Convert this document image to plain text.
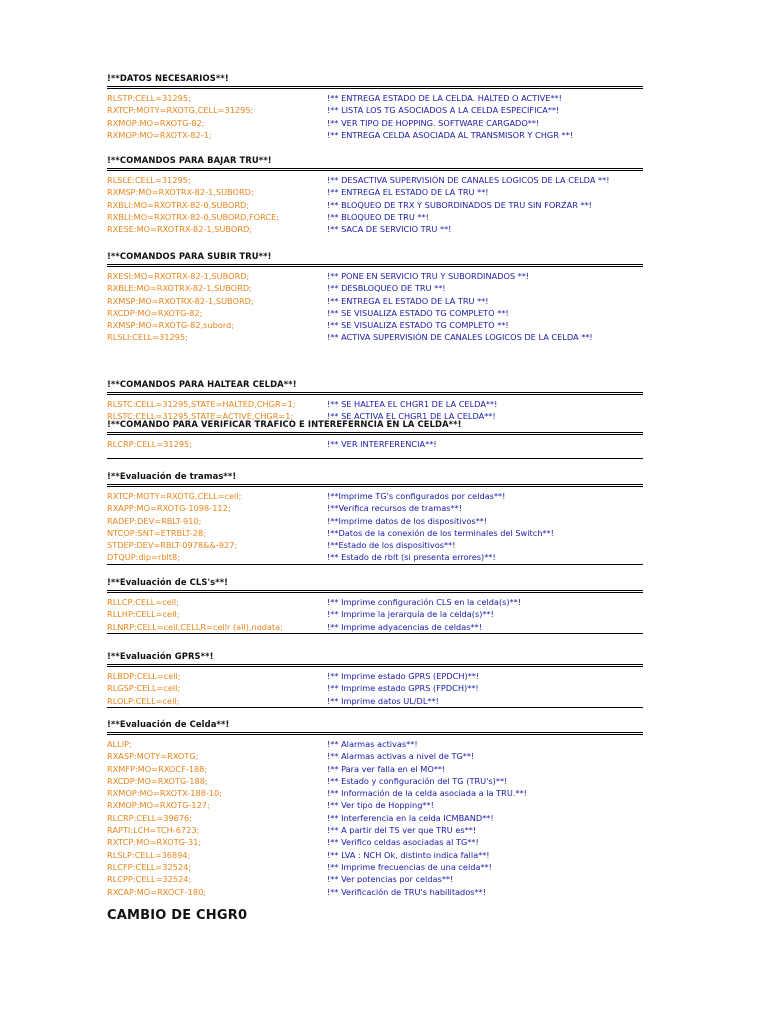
!**DATOS NECESARIOS**!
RLSTP:CELL=31295;	!** ENTREGA ESTADO DE LA CELDA. HALTED O ACTIVE**!
RXTCP:MOTY=RXOTG,CELL=31295;	!** LISTA LOS TG ASOCIADOS A LA CELDA ESPECIFICA**!
RXMOP:MO=RXOTG-82;	!** VER TIPO DE HOPPING. SOFTWARE CARGADO**!
RXMOP:MO=RXOTX-82-1;	!** ENTREGA CELDA ASOCIADA AL TRANSMISOR Y CHGR **!
!**COMANDOS PARA BAJAR TRU**!
RLSLE:CELL=31295;	!** DESACTIVA SUPERVISIÓN DE CANALES LOGICOS DE LA CELDA **!
RXMSP:MO=RXOTRX-82-1,SUBORD;	!** ENTREGA EL ESTADO DE LA TRU **!
RXBLI:MO=RXOTRX-82-0,SUBORD;	!** BLOQUEO DE TRX Y SUBORDINADOS DE TRU SIN FORZAR **!
RXBLI:MO=RXOTRX-82-0,SUBORD,FORCE;	!** BLOQUEO DE TRU **!
RXESE:MO=RXOTRX-82-1,SUBORD;	!** SACA DE SERVICIO TRU **!
!**COMANDOS PARA SUBIR TRU**!
RXESI:MO=RXOTRX-82-1,SUBORD;	!** PONE EN SERVICIO TRU Y SUBORDINADOS **!
RXBLE:MO=RXOTRX-82-1,SUBORD;	!** DESBLOQUEO DE TRU **!
RXMSP:MO=RXOTRX-82-1,SUBORD;	!** ENTREGA EL ESTADO DE LA TRU **!
RXCDP:MO=RXOTG-82;	!** SE VISUALIZA ESTADO TG COMPLETO **!
RXMSP:MO=RXOTG-82,subord;	!** SE VISUALIZA ESTADO TG COMPLETO **!
RLSLI:CELL=31295;	!** ACTIVA SUPERVISIÓN DE CANALES LOGICOS DE LA CELDA **!
!**COMANDOS PARA HALTEAR CELDA**!
RLSTC:CELL=31295,STATE=HALTED,CHGR=1;	!** SE HALTEA EL CHGR1 DE LA CELDA**!
RLSTC:CELL=31295,STATE=ACTIVE,CHGR=1;	!** SE ACTIVA EL CHGR1 DE LA CELDA**!
!**COMANDO PARA VERIFICAR TRAFICO E INTEREFERNCIA EN LA CELDA**!
RLCRP:CELL=31295;	!** VER INTERFERENCIA**!
!**Evaluación de tramas**!
RXTCP:MOTY=RXOTG,CELL=cell;	!**Imprime TG's configurados por celdas**!
RXAPP:MO=RXOTG-1098-112;	!**Verifica recursos de tramas**!
RADEP:DEV=RBLT-910;	!**Imprime datos de los dispositivos**!
NTCOP:SNT=ETRBLT-28;	!**Datos de la conexión de los terminales del Switch**!
STDEP:DEV=RBLT-0978&&-927;	!**Estado de los dispositivos**!
DTQUP:dip=rblt8;	!** Estado de rblt (si presenta errores)**!
!**Evaluación de CLS's**!
RLLCP:CELL=cell;	!** Imprime configuración CLS en la celda(s)**!
RLLHP:CELL=cell;	!** Imprime la jerarquía de la celda(s)**!
RLNRP:CELL=cell,CELLR=cellr (all),nodata;	!** Imprime adyacencias de celdas**!
!**Evaluación GPRS**!
RLBDP:CELL=cell;	!** Imprime estado GPRS (EPDCH)**!
RLGSP:CELL=cell;	!** Imprime estado GPRS (FPDCH)**!
RLOLP:CELL=cell;	!** Imprime datos UL/DL**!
!**Evaluación de Celda**!
ALLIP;	!** Alarmas activas**!
RXASP:MOTY=RXOTG;	!** Alarmas activas a nivel de TG**!
RXMFP:MO=RXOCF-188;	!** Para ver falla en el MO**!
RXCDP:MO=RXOTG-188;	!** Estado y configuración del TG (TRU's)**!
RXMOP:MO=RXOTX-188-10;	!** Información de la celda asociada a la TRU.**!
RXMOP:MO=RXOTG-127;	!** Ver tipo de Hopping**!
RLCRP:CELL=39676;	!** Interferencia en la celda ICMBAND**!
RAPTI:LCH=TCH-6723;	!** A partir del TS ver que TRU es**!
RXTCP:MO=RXOTG-31;	!** Verifico celdas asociadas al TG**!
RLSLP:CELL=36894;	!** LVA : NCH Ok, distinto indica falla**!
RLCFP:CELL=32524;	!** Imprime frecuencias de una celda**!
RLCPP:CELL=32524;	!** Ver potencias por celdas**!
RXCAP:MO=RXOCF-180;	!** Verificación de TRU's habilitados**!
CAMBIO DE CHGR0
